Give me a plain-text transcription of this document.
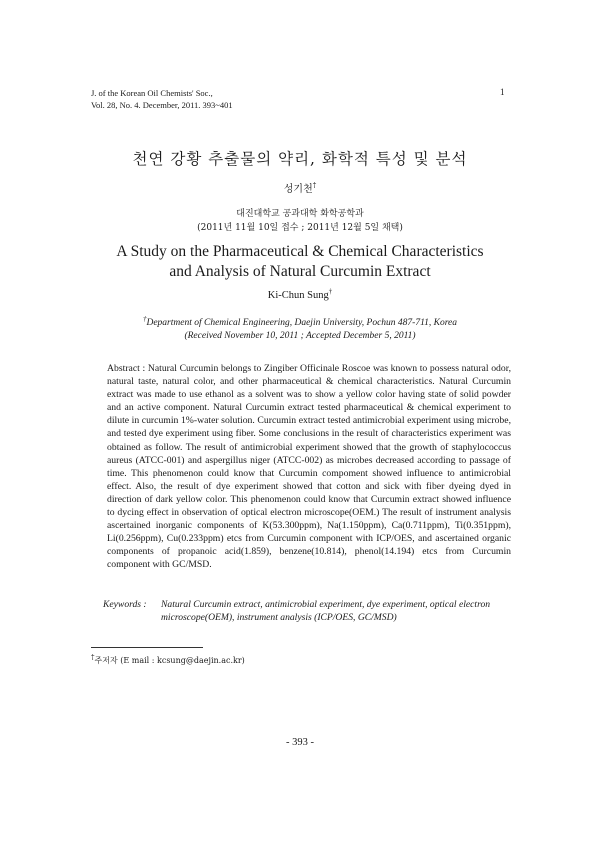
J. of the Korean Oil Chemists' Soc.,
Vol. 28, No. 4. December, 2011. 393~401
1
천연 강황 추출물의 약리, 화학적 특성 및 분석
성기천†
대진대학교 공과대학 화학공학과
(2011년 11월 10일 접수 ; 2011년 12월 5일 채택)
A Study on the Pharmaceutical & Chemical Characteristics
and Analysis of Natural Curcumin Extract
Ki-Chun Sung†
†Department of Chemical Engineering, Daejin University, Pochun 487-711, Korea
(Received November 10, 2011 ; Accepted December 5, 2011)
Abstract : Natural Curcumin belongs to Zingiber Officinale Roscoe was known to possess natural odor, natural taste, natural color, and other pharmaceutical & chemical characteristics. Natural Curcumin extract was made to use ethanol as a solvent was to show a yellow color having state of solid powder and an active component. Natural Curcumin extract tested pharmaceutical & chemical experiment to dilute in curcumin 1%-water solution. Curcumin extract tested antimicrobial experiment using microbe, and tested dye experiment using fiber. Some conclusions in the result of characteristics experiment was obtained as follow. The result of antimicrobial experiment showed that the growth of staphylococcus aureus (ATCC-001) and aspergillus niger (ATCC-002) as microbes decreased according to passage of time. This phenomenon could know that Curcumin compoment showed influence to antimicrobial effect. Also, the result of dye experiment showed that cotton and sick with fiber dyeing dyed in direction of dark yellow color. This phenomenon could know that Curcumin extract showed influence to dycing effect in observation of optical electron microscope(OEM.) The result of instrument analysis ascertained inorganic components of K(53.300ppm), Na(1.150ppm), Ca(0.711ppm), Ti(0.351ppm), Li(0.256ppm), Cu(0.233ppm) etcs from Curcumin component with ICP/OES, and ascertained organic components of propanoic acid(1.859), benzene(10.814), phenol(14.194) etcs from Curcumin component with GC/MSD.
Keywords : Natural Curcumin extract, antimicrobial experiment, dye experiment, optical electron microscope(OEM), instrument analysis (ICP/OES, GC/MSD)
†주저자 (E mail : kcsung@daejin.ac.kr)
- 393 -
